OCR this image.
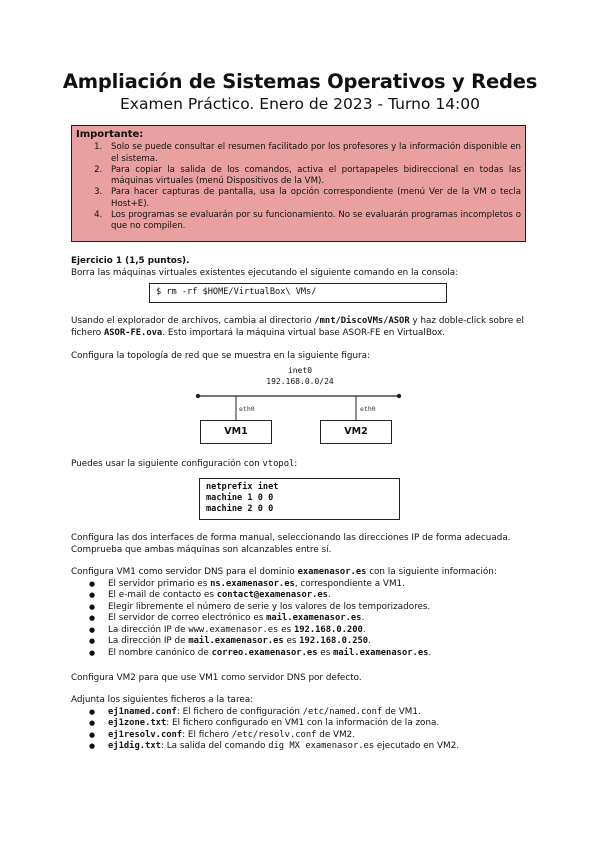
Ampliación de Sistemas Operativos y Redes
Examen Práctico. Enero de 2023 - Turno 14:00
Importante:
1. Solo se puede consultar el resumen facilitado por los profesores y la información disponible en el sistema.
2. Para copiar la salida de los comandos, activa el portapapeles bidireccional en todas las máquinas virtuales (menú Dispositivos de la VM).
3. Para hacer capturas de pantalla, usa la opción correspondiente (menú Ver de la VM o tecla Host+E).
4. Los programas se evaluarán por su funcionamiento. No se evaluarán programas incompletos o que no compilen.
Ejercicio 1 (1,5 puntos).
Borra las máquinas virtuales existentes ejecutando el siguiente comando en la consola:
$ rm -rf $HOME/VirtualBox\ VMs/
Usando el explorador de archivos, cambia al directorio /mnt/DiscoVMs/ASOR y haz doble-click sobre el fichero ASOR-FE.ova. Esto importará la máquina virtual base ASOR-FE en VirtualBox.
Configura la topología de red que se muestra en la siguiente figura:
inet0
192.168.0.0/24
eth0	eth0
VM1	VM2
Puedes usar la siguiente configuración con vtopol:
netprefix inet
machine 1 0 0
machine 2 0 0
Configura las dos interfaces de forma manual, seleccionando las direcciones IP de forma adecuada. Comprueba que ambas máquinas son alcanzables entre sí.
Configura VM1 como servidor DNS para el dominio examenasor.es con la siguiente información:
● El servidor primario es ns.examenasor.es, correspondiente a VM1.
● El e-mail de contacto es contact@examenasor.es.
● Elegir libremente el número de serie y los valores de los temporizadores.
● El servidor de correo electrónico es mail.examenasor.es.
● La dirección IP de www.examenasor.es es 192.168.0.200.
● La dirección IP de mail.examenasor.es es 192.168.0.250.
● El nombre canónico de correo.examenasor.es es mail.examenasor.es.
Configura VM2 para que use VM1 como servidor DNS por defecto.
Adjunta los siguientes ficheros a la tarea:
● ej1named.conf: El fichero de configuración /etc/named.conf de VM1.
● ej1zone.txt: El fichero configurado en VM1 con la información de la zona.
● ej1resolv.conf: El fichero /etc/resolv.conf de VM2.
● ej1dig.txt: La salida del comando dig MX examenasor.es ejecutado en VM2.
